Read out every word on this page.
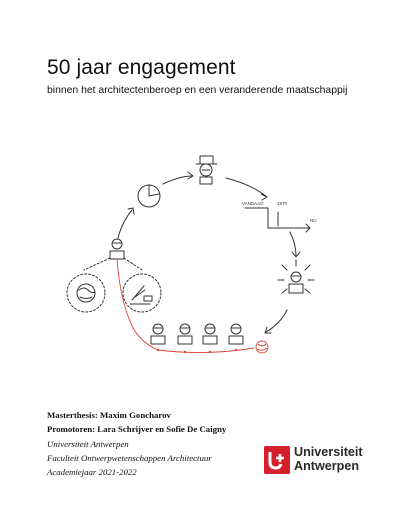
50 jaar engagement
binnen het architectenberoep en een veranderende maatschappij
VANDAAG	1970
NU
Masterthesis: Maxim Goncharov
Promotoren: Lara Schrijver en Sofie De Caigny
Universiteit Antwerpen
Faculteit Ontwerpwetenschappen Architectuur
Academiejaar 2021-2022
Universiteit
Antwerpen
